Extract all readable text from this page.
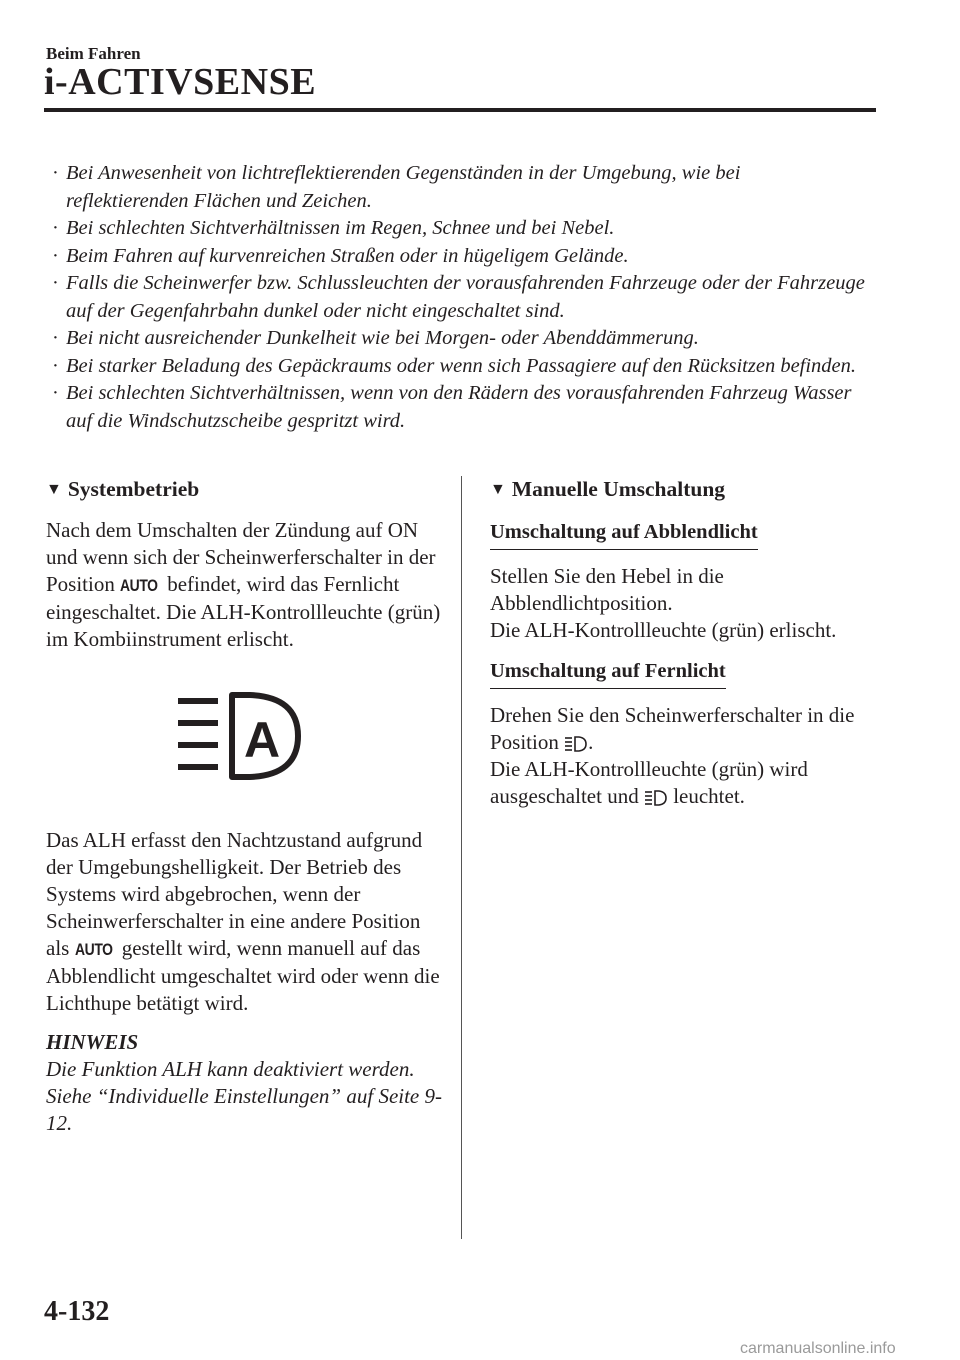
Beim Fahren
i-ACTIVSENSE
· Bei Anwesenheit von lichtreflektierenden Gegenständen in der Umgebung, wie bei reflektierenden Flächen und Zeichen.
· Bei schlechten Sichtverhältnissen im Regen, Schnee und bei Nebel.
· Beim Fahren auf kurvenreichen Straßen oder in hügeligem Gelände.
· Falls die Scheinwerfer bzw. Schlussleuchten der vorausfahrenden Fahrzeuge oder der Fahrzeuge auf der Gegenfahrbahn dunkel oder nicht eingeschaltet sind.
· Bei nicht ausreichender Dunkelheit wie bei Morgen- oder Abenddämmerung.
· Bei starker Beladung des Gepäckraums oder wenn sich Passagiere auf den Rücksitzen befinden.
· Bei schlechten Sichtverhältnissen, wenn von den Rädern des vorausfahrenden Fahrzeug Wasser auf die Windschutzscheibe gespritzt wird.
▼ Systembetrieb

Nach dem Umschalten der Zündung auf ON und wenn sich der Scheinwerferschalter in der Position AUTO befindet, wird das Fernlicht eingeschaltet. Die ALH-Kontrollleuchte (grün) im Kombiinstrument erlischt.

A

Das ALH erfasst den Nachtzustand aufgrund der Umgebungshelligkeit. Der Betrieb des Systems wird abgebrochen, wenn der Scheinwerferschalter in eine andere Position als AUTO gestellt wird, wenn manuell auf das Abblendlicht umgeschaltet wird oder wenn die Lichthupe betätigt wird.

HINWEIS
Die Funktion ALH kann deaktiviert werden.
Siehe “Individuelle Einstellungen” auf Seite 9-12.
▼ Manuelle Umschaltung
Umschaltung auf Abblendlicht

Stellen Sie den Hebel in die Abblendlichtposition.

Die ALH-Kontrollleuchte (grün) erlischt.

Umschaltung auf Fernlicht

Drehen Sie den Scheinwerferschalter in die Position .

Die ALH-Kontrollleuchte (grün) wird ausgeschaltet und  leuchtet.

4-132
carmanualsonline.info
